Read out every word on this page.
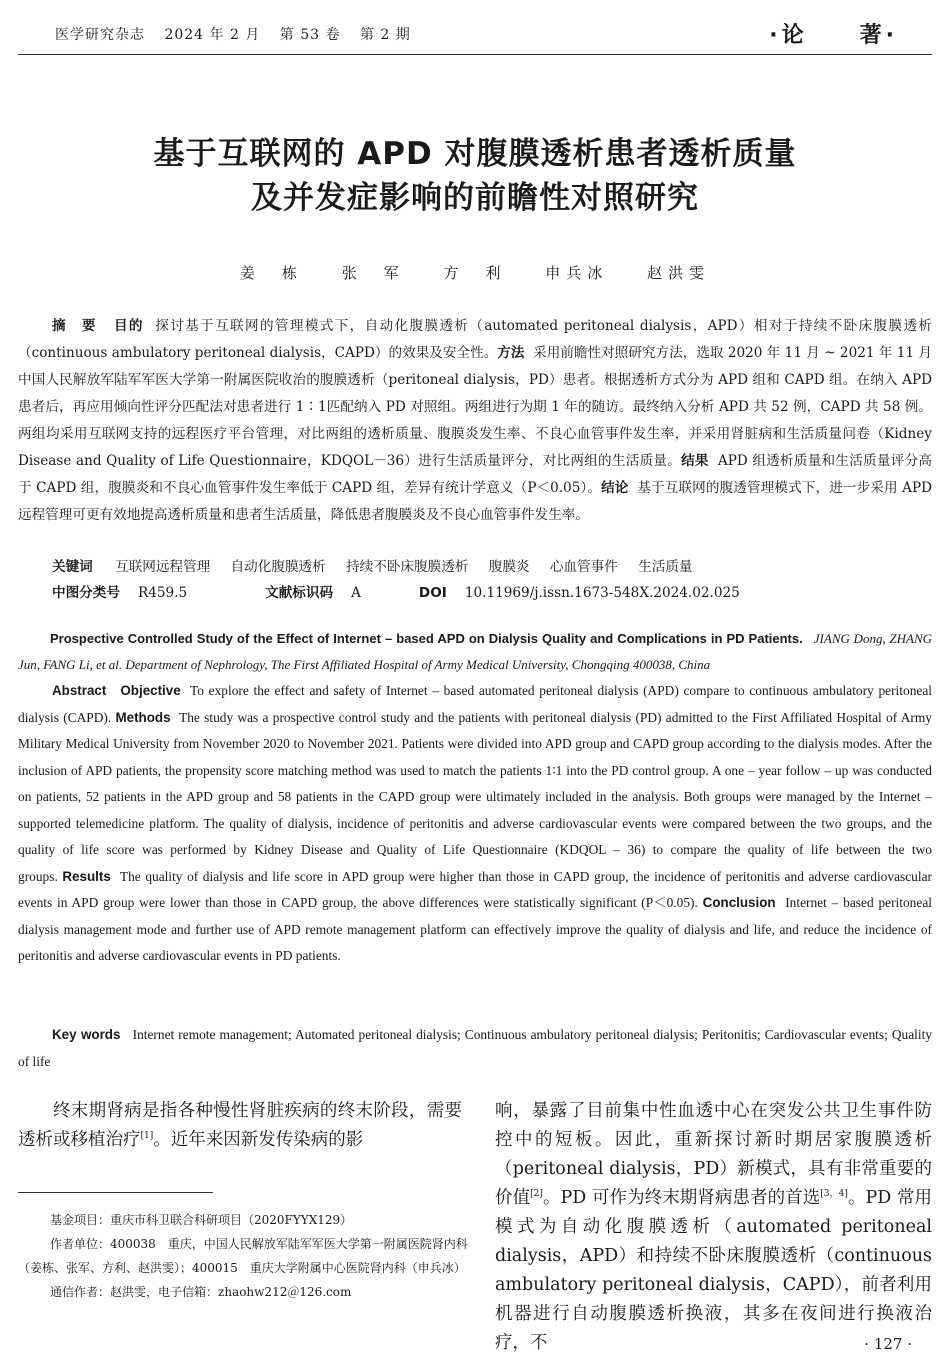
医学研究杂志 2024 年 2 月 第 53 卷 第 2 期	·论　　著·
基于互联网的 APD 对腹膜透析患者透析质量
及并发症影响的前瞻性对照研究
姜　栋	张　军	方　利	申兵冰	赵洪雯
摘　要 目的 探讨基于互联网的管理模式下，自动化腹膜透析（automated peritoneal dialysis，APD）相对于持续不卧床腹膜透析（continuous ambulatory peritoneal dialysis，CAPD）的效果及安全性。方法 采用前瞻性对照研究方法，选取 2020 年 11 月 ~ 2021 年 11 月中国人民解放军陆军军医大学第一附属医院收治的腹膜透析（peritoneal dialysis，PD）患者。根据透析方式分为 APD 组和 CAPD 组。在纳入 APD 患者后，再应用倾向性评分匹配法对患者进行 1∶1匹配纳入 PD 对照组。两组进行为期 1 年的随访。最终纳入分析 APD 共 52 例，CAPD 共 58 例。两组均采用互联网支持的远程医疗平台管理，对比两组的透析质量、腹膜炎发生率、不良心血管事件发生率，并采用肾脏病和生活质量问卷（Kidney Disease and Quality of Life Questionnaire，KDQOL－36）进行生活质量评分，对比两组的生活质量。结果 APD 组透析质量和生活质量评分高于 CAPD 组，腹膜炎和不良心血管事件发生率低于 CAPD 组，差异有统计学意义（P＜0.05）。结论 基于互联网的腹透管理模式下，进一步采用 APD 远程管理可更有效地提高透析质量和患者生活质量，降低患者腹膜炎及不良心血管事件发生率。
关键词 互联网远程管理 自动化腹膜透析 持续不卧床腹膜透析 腹膜炎 心血管事件 生活质量
中图分类号 R459.5	文献标识码 A	DOI 10.11969/j.issn.1673-548X.2024.02.025
Prospective Controlled Study of the Effect of Internet – based APD on Dialysis Quality and Complications in PD Patients. JIANG Dong, ZHANG Jun, FANG Li, et al. Department of Nephrology, The First Affiliated Hospital of Army Medical University, Chongqing 400038, China
Abstract Objective To explore the effect and safety of Internet – based automated peritoneal dialysis (APD) compare to continuous ambulatory peritoneal dialysis (CAPD). Methods The study was a prospective control study and the patients with peritoneal dialysis (PD) admitted to the First Affiliated Hospital of Army Military Medical University from November 2020 to November 2021. Patients were divided into APD group and CAPD group according to the dialysis modes. After the inclusion of APD patients, the propensity score matching method was used to match the patients 1∶1 into the PD control group. A one – year follow – up was conducted on patients, 52 patients in the APD group and 58 patients in the CAPD group were ultimately included in the analysis. Both groups were managed by the Internet – supported telemedicine platform. The quality of dialysis, incidence of peritonitis and adverse cardiovascular events were compared between the two groups, and the quality of life score was performed by Kidney Disease and Quality of Life Questionnaire (KDQOL – 36) to compare the quality of life between the two groups. Results The quality of dialysis and life score in APD group were higher than those in CAPD group, the incidence of peritonitis and adverse cardiovascular events in APD group were lower than those in CAPD group, the above differences were statistically significant (P＜0.05). Conclusion Internet – based peritoneal dialysis management mode and further use of APD remote management platform can effectively improve the quality of dialysis and life, and reduce the incidence of peritonitis and adverse cardiovascular events in PD patients.
Key words Internet remote management; Automated peritoneal dialysis; Continuous ambulatory peritoneal dialysis; Peritonitis; Cardiovascular events; Quality of life
终末期肾病是指各种慢性肾脏疾病的终末阶段，需要透析或移植治疗[1]。近年来因新发传染病的影
基金项目：重庆市科卫联合科研项目（2020FYYX129）
作者单位：400038　重庆，中国人民解放军陆军军医大学第一附属医院肾内科（姜栋、张军、方利、赵洪雯）；400015　重庆大学附属中心医院肾内科（申兵冰）
通信作者：赵洪雯，电子信箱：zhaohw212＠126.com
响，暴露了目前集中性血透中心在突发公共卫生事件防控中的短板。因此，重新探讨新时期居家腹膜透析（peritoneal dialysis，PD）新模式，具有非常重要的价值[2]。PD 可作为终末期肾病患者的首选[3，4]。PD 常用模式为自动化腹膜透析（automated peritoneal dialysis，APD）和持续不卧床腹膜透析（continuous ambulatory peritoneal dialysis，CAPD），前者利用机器进行自动腹膜透析换液，其多在夜间进行换液治疗，不	· 127 ·
